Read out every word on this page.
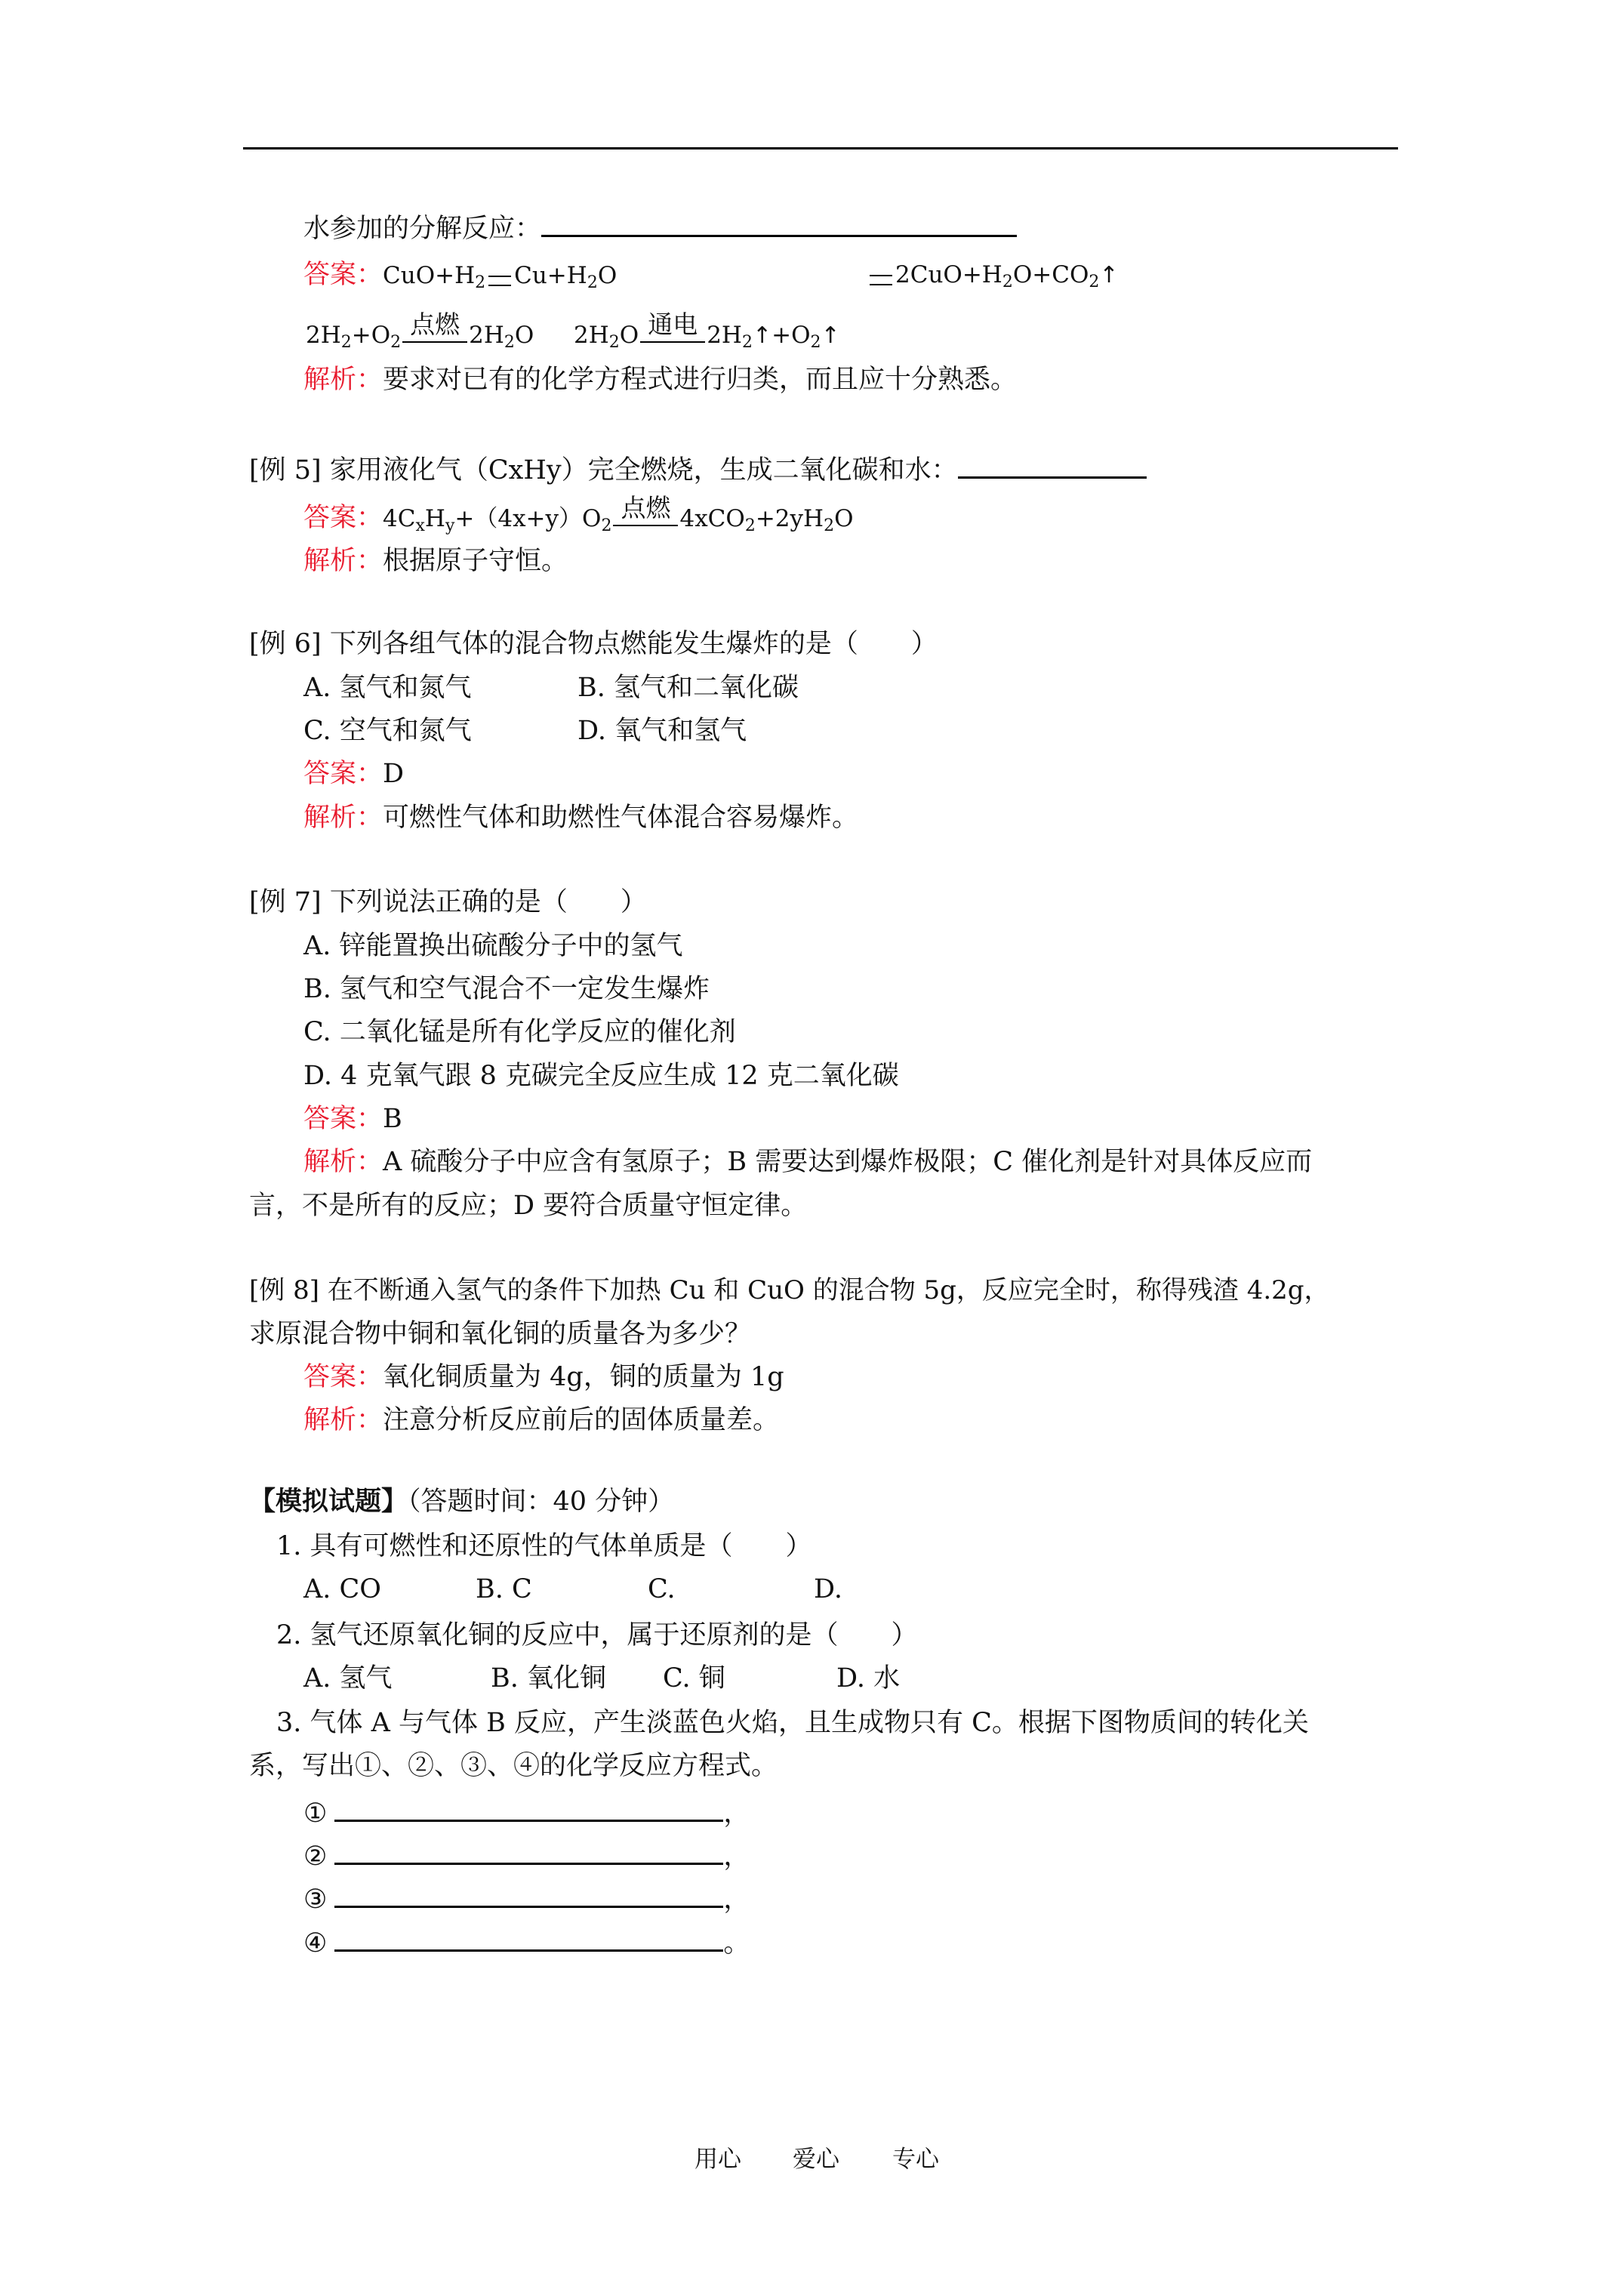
水参加的分解反应：
答案：$CuO+H_2$ $Cu+H_2O$	$2CuO+H_2O+CO_2↑$
$2H_2+O_2$
点燃 $2H_2O$ $2H_2O$ 通电 $2H_2↑+O_2↑$
解析：要求对已有的化学方程式进行归类，而且应十分熟悉。
[例 5] 家用液化气（CxHy）完全燃烧，生成二氧化碳和水：
答案：$4C_xH_y+(4x+y)O_2$
点燃 $4xCO_2+2yH_2O$
解析：根据原子守恒。
[例 6] 下列各组气体的混合物点燃能发生爆炸的是（　　）
A. 氢气和氮气	B. 氢气和二氧化碳
C. 空气和氮气	D. 氧气和氢气
答案：D
解析：可燃性气体和助燃性气体混合容易爆炸。
[例 7] 下列说法正确的是（　　）
A. 锌能置换出硫酸分子中的氢气
B. 氢气和空气混合不一定发生爆炸
C. 二氧化锰是所有化学反应的催化剂
D. 4 克氧气跟 8 克碳完全反应生成 12 克二氧化碳
答案：B
解析：A 硫酸分子中应含有氢原子；B 需要达到爆炸极限；C 催化剂是针对具体反应而
言，不是所有的反应；D 要符合质量守恒定律。
[例 8] 在不断通入氢气的条件下加热 Cu 和 CuO 的混合物 5g，反应完全时，称得残渣 4.2g，
求原混合物中铜和氧化铜的质量各为多少？
答案：氧化铜质量为 4g，铜的质量为 1g
解析：注意分析反应前后的固体质量差。
【模拟试题】（答题时间：40 分钟）
1. 具有可燃性和还原性的气体单质是（　　）
A. CO	B. C	C.	D.
2. 氢气还原氧化铜的反应中，属于还原剂的是（　　）
A. 氢气	B. 氧化铜 C. 铜	D. 水
3. 气体 A 与气体 B 反应，产生淡蓝色火焰，且生成物只有 C。根据下图物质间的转化关
系，写出①、②、③、④的化学反应方程式。
①	，
②	，
③	，
④	。
用心 爱心 专心
